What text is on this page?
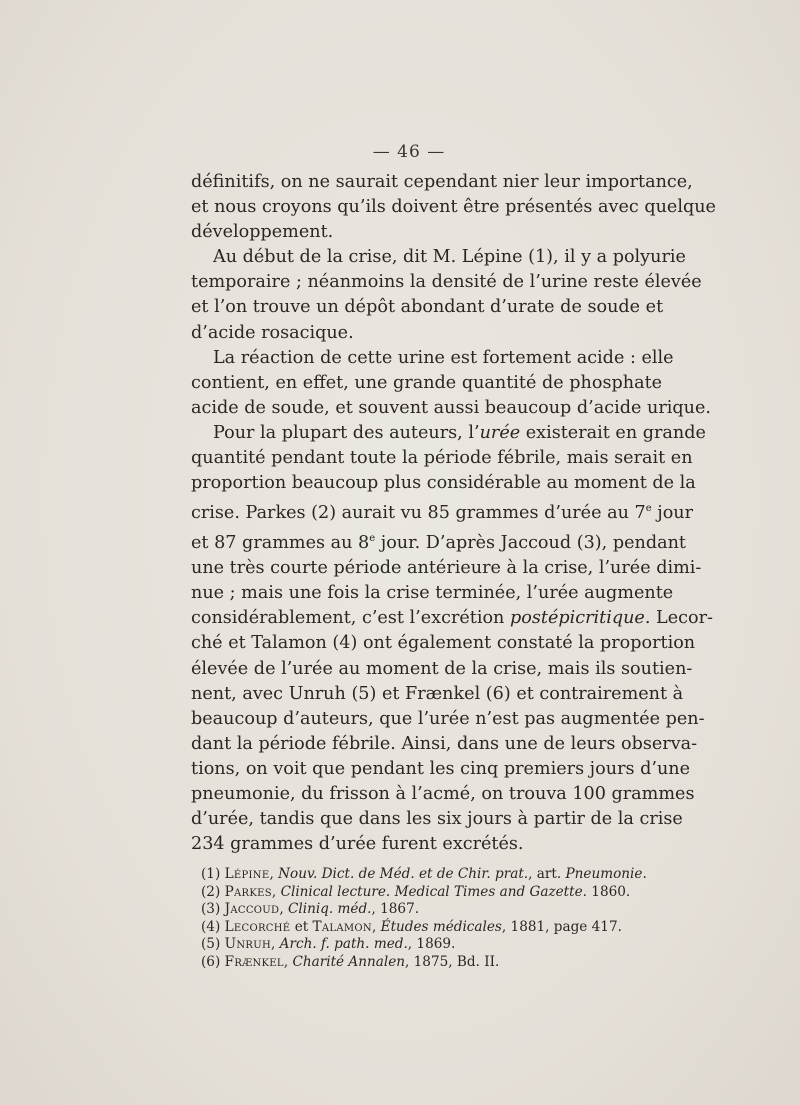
— 46 —
définitifs, on ne saurait cependant nier leur importance,
et nous croyons qu’ils doivent être présentés avec quelque
développement.
Au début de la crise, dit M. Lépine (1), il y a polyurie
temporaire ; néanmoins la densité de l’urine reste élevée
et l’on trouve un dépôt abondant d’urate de soude et
d’acide rosacique.
La réaction de cette urine est fortement acide : elle
contient, en effet, une grande quantité de phosphate
acide de soude, et souvent aussi beaucoup d’acide urique.
Pour la plupart des auteurs, l’urée existerait en grande
quantité pendant toute la période fébrile, mais serait en
proportion beaucoup plus considérable au moment de la
crise. Parkes (2) aurait vu 85 grammes d’urée au 7e jour
et 87 grammes au 8e jour. D’après Jaccoud (3), pendant
une très courte période antérieure à la crise, l’urée dimi-
nue ; mais une fois la crise terminée, l’urée augmente
considérablement, c’est l’excrétion postépicritique. Lecor-
ché et Talamon (4) ont également constaté la proportion
élevée de l’urée au moment de la crise, mais ils soutien-
nent, avec Unruh (5) et Frænkel (6) et contrairement à
beaucoup d’auteurs, que l’urée n’est pas augmentée pen-
dant la période fébrile. Ainsi, dans une de leurs observa-
tions, on voit que pendant les cinq premiers jours d’une
pneumonie, du frisson à l’acmé, on trouva 100 grammes
d’urée, tandis que dans les six jours à partir de la crise
234 grammes d’urée furent excrétés.
(1) Lépine, Nouv. Dict. de Méd. et de Chir. prat., art. Pneumonie.
(2) Parkes, Clinical lecture. Medical Times and Gazette. 1860.
(3) Jaccoud, Cliniq. méd., 1867.
(4) Lecorché et Talamon, Études médicales, 1881, page 417.
(5) Unruh, Arch. f. path. med., 1869.
(6) Frænkel, Charité Annalen, 1875, Bd. II.
